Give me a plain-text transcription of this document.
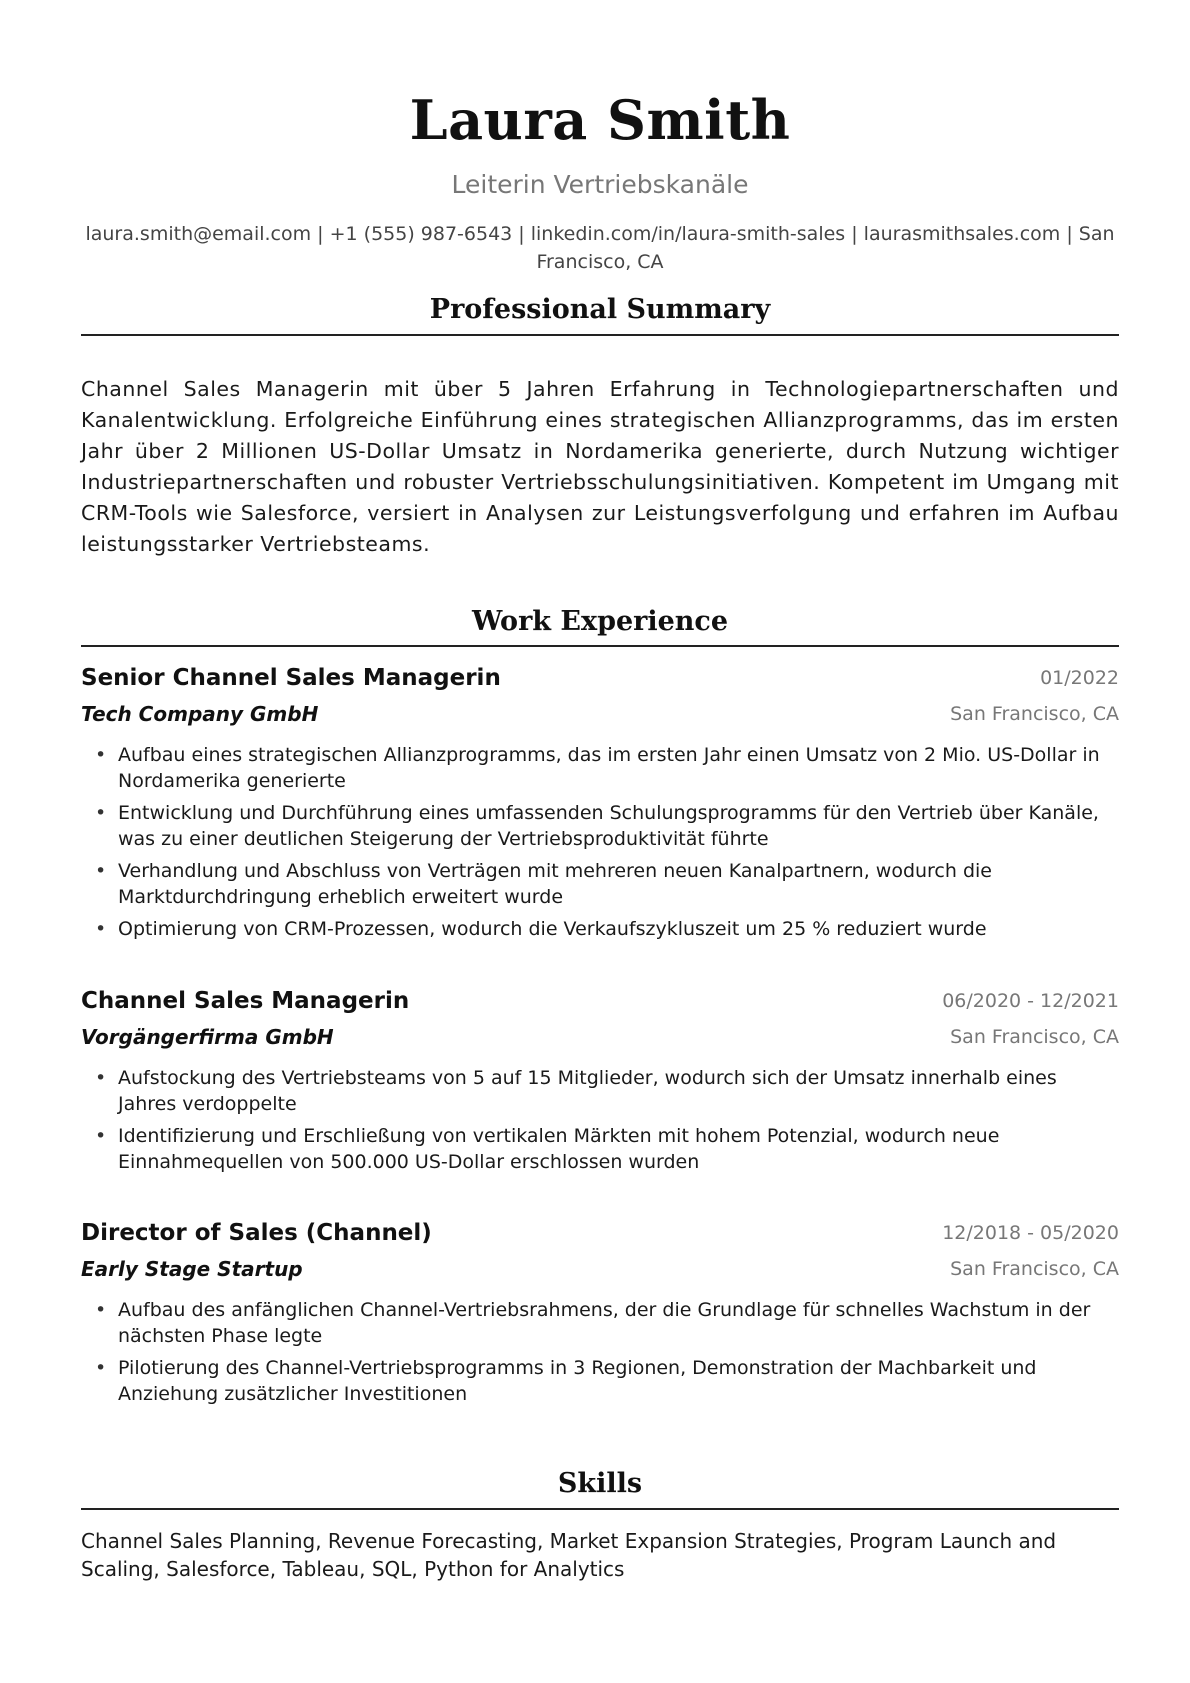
Laura Smith
Leiterin Vertriebskanäle
laura.smith@email.com | +1 (555) 987-6543 | linkedin.com/in/laura-smith-sales | laurasmithsales.com | San Francisco, CA
Professional Summary
Channel Sales Managerin mit über 5 Jahren Erfahrung in Technologiepartnerschaften und Kanalentwicklung. Erfolgreiche Einführung eines strategischen Allianzprogramms, das im ersten Jahr über 2 Millionen US-Dollar Umsatz in Nordamerika generierte, durch Nutzung wichtiger Industriepartnerschaften und robuster Vertriebsschulungsinitiativen. Kompetent im Umgang mit CRM-Tools wie Salesforce, versiert in Analysen zur Leistungsverfolgung und erfahren im Aufbau leistungsstarker Vertriebsteams.
Work Experience
Senior Channel Sales Managerin	01/2022
Tech Company GmbH	San Francisco, CA
• Aufbau eines strategischen Allianzprogramms, das im ersten Jahr einen Umsatz von 2 Mio. US-Dollar in Nordamerika generierte
• Entwicklung und Durchführung eines umfassenden Schulungsprogramms für den Vertrieb über Kanäle, was zu einer deutlichen Steigerung der Vertriebsproduktivität führte
• Verhandlung und Abschluss von Verträgen mit mehreren neuen Kanalpartnern, wodurch die Marktdurchdringung erheblich erweitert wurde
• Optimierung von CRM-Prozessen, wodurch die Verkaufszykluszeit um 25 % reduziert wurde
Channel Sales Managerin	06/2020 - 12/2021
Vorgängerfirma GmbH	San Francisco, CA
• Aufstockung des Vertriebsteams von 5 auf 15 Mitglieder, wodurch sich der Umsatz innerhalb eines Jahres verdoppelte
• Identifizierung und Erschließung von vertikalen Märkten mit hohem Potenzial, wodurch neue Einnahmequellen von 500.000 US-Dollar erschlossen wurden
Director of Sales (Channel)	12/2018 - 05/2020
Early Stage Startup	San Francisco, CA
• Aufbau des anfänglichen Channel-Vertriebsrahmens, der die Grundlage für schnelles Wachstum in der nächsten Phase legte
• Pilotierung des Channel-Vertriebsprogramms in 3 Regionen, Demonstration der Machbarkeit und Anziehung zusätzlicher Investitionen
Skills
Channel Sales Planning, Revenue Forecasting, Market Expansion Strategies, Program Launch and Scaling, Salesforce, Tableau, SQL, Python for Analytics
